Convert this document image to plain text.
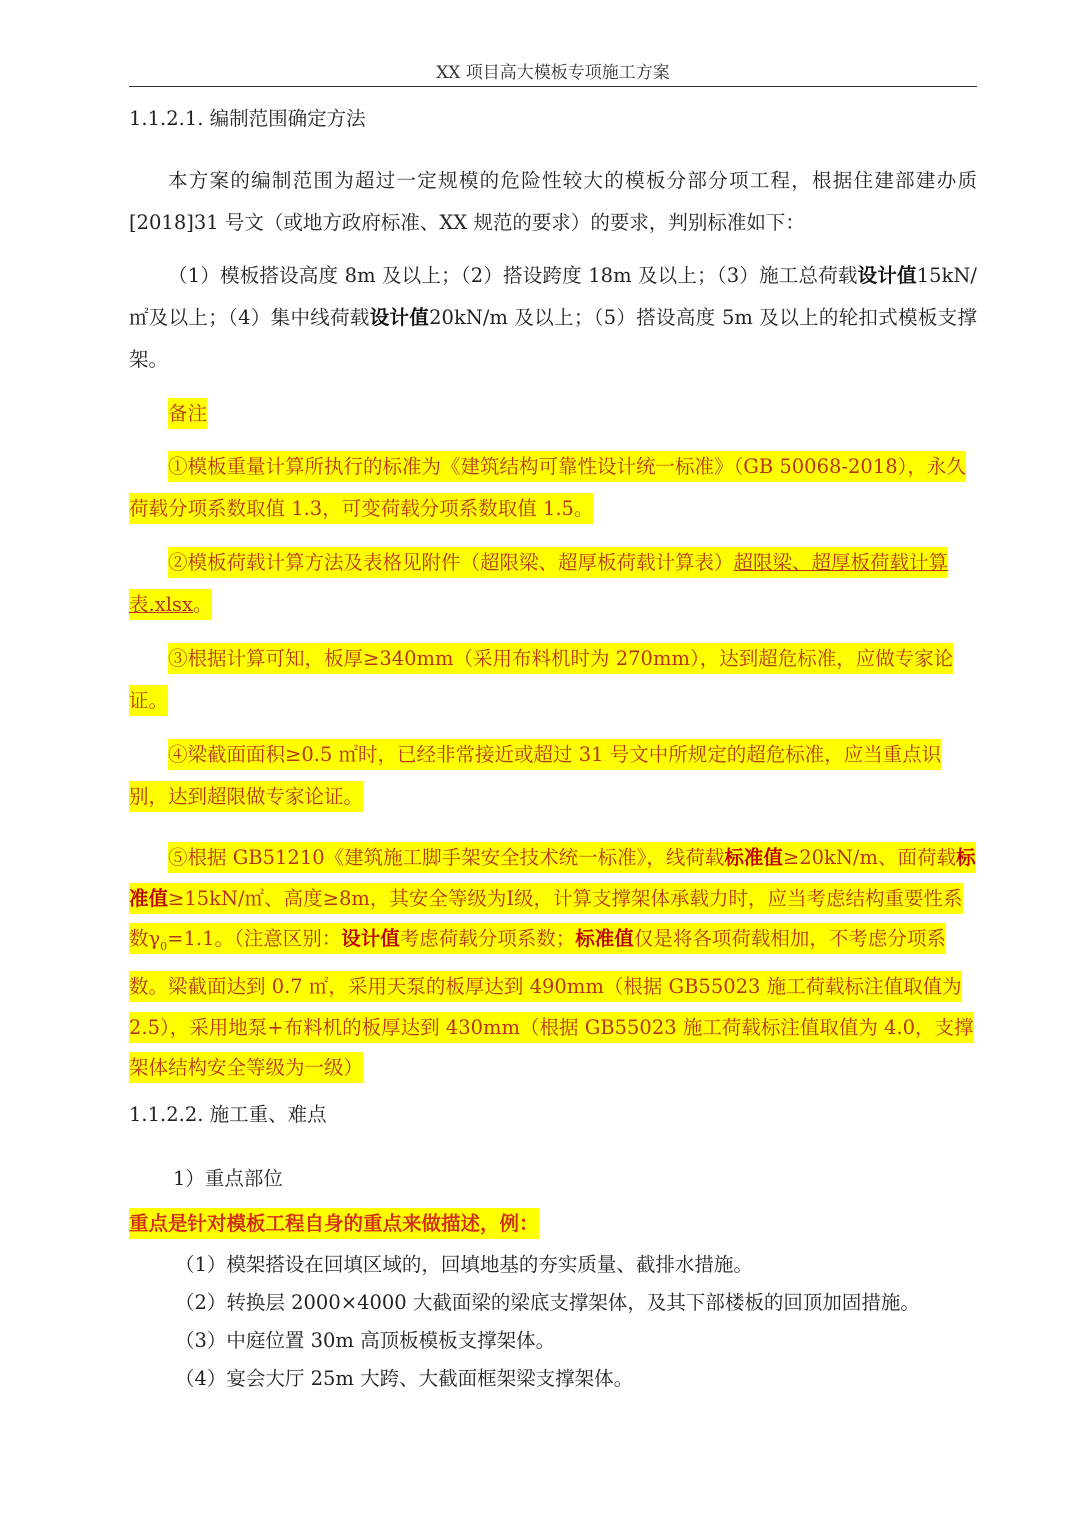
XX 项目高大模板专项施工方案
1.1.2.1. 编制范围确定方法
本方案的编制范围为超过一定规模的危险性较大的模板分部分项工程，根据住建部建办质[2018]31 号文（或地方政府标准、XX 规范的要求）的要求，判别标准如下：
（1）模板搭设高度 8m 及以上；（2）搭设跨度 18m 及以上；（3）施工总荷载设计值15kN/㎡及以上；（4）集中线荷载设计值20kN/m 及以上；（5）搭设高度 5m 及以上的轮扣式模板支撑架。
备注
①模板重量计算所执行的标准为《建筑结构可靠性设计统一标准》（GB 50068-2018），永久荷载分项系数取值 1.3，可变荷载分项系数取值 1.5。
②模板荷载计算方法及表格见附件（超限梁、超厚板荷载计算表）超限梁、超厚板荷载计算表.xlsx。
③根据计算可知，板厚≥340mm（采用布料机时为 270mm），达到超危标准，应做专家论证。
④梁截面面积≥0.5 ㎡时，已经非常接近或超过 31 号文中所规定的超危标准，应当重点识别，达到超限做专家论证。
⑤根据 GB51210《建筑施工脚手架安全技术统一标准》，线荷载标准值≥20kN/m、面荷载标准值≥15kN/㎡、高度≥8m，其安全等级为Ⅰ级，计算支撑架体承载力时，应当考虑结构重要性系数$\gamma_0=1.1$。（注意区别：设计值考虑荷载分项系数；标准值仅是将各项荷载相加，不考虑分项系数。梁截面达到 0.7 ㎡，采用天泵的板厚达到 490mm（根据 GB55023 施工荷载标注值取值为 2.5），采用地泵+布料机的板厚达到 430mm（根据 GB55023 施工荷载标注值取值为 4.0，支撑架体结构安全等级为一级）
1.1.2.2. 施工重、难点
1）重点部位
重点是针对模板工程自身的重点来做描述，例：
（1）模架搭设在回填区域的，回填地基的夯实质量、截排水措施。
（2）转换层 2000×4000 大截面梁的梁底支撑架体，及其下部楼板的回顶加固措施。
（3）中庭位置 30m 高顶板模板支撑架体。
（4）宴会大厅 25m 大跨、大截面框架梁支撑架体。
